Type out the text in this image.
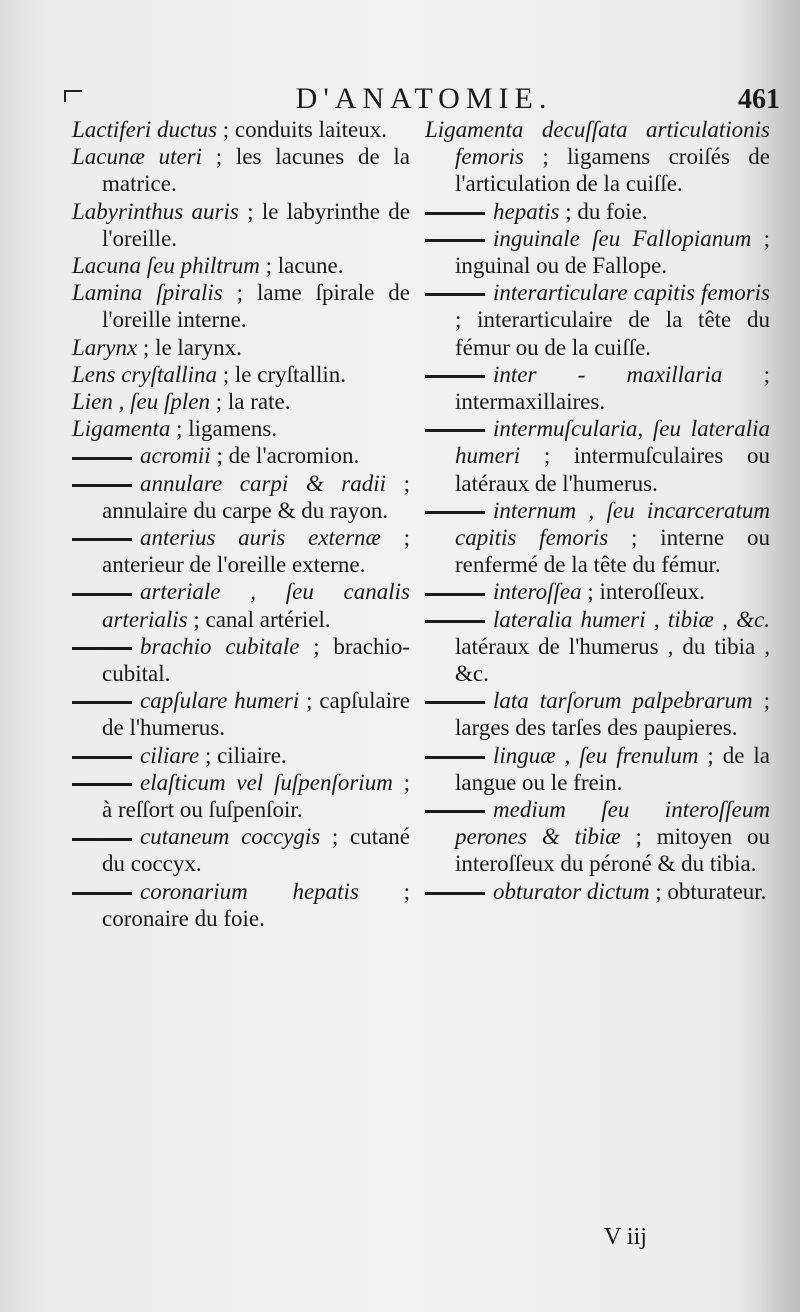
D'ANATOMIE.	461

Lactiferi ductus ; conduits laiteux.

Lacunæ uteri ; les lacunes de la matrice.

Labyrinthus auris ; le labyrinthe de l'oreille.

Lacuna ſeu philtrum ; lacune.

Lamina ſpiralis ; lame ſpirale de l'oreille interne.

Larynx ; le larynx.

Lens cryſtallina ; le cryſtallin.

Lien , ſeu ſplen ; la rate.

Ligamenta ; ligamens.

acromii ; de l'acromion.

annulare carpi & radii ; annulaire du carpe & du rayon.

anterius auris externæ ; anterieur de l'oreille externe.

arteriale , ſeu canalis arterialis ; canal artériel.

brachio cubitale ; brachio-cubital.

capſulare humeri ; capſulaire de l'humerus.

ciliare ; ciliaire.

elaſticum vel ſuſpenſorium ; à reſſort ou ſuſpenſoir.

cutaneum coccygis ; cutané du coccyx.

coronarium hepatis ; coronaire du foie.

Ligamenta decuſſata articulationis femoris ; ligamens croiſés de l'articulation de la cuiſſe.

hepatis ; du foie.

inguinale ſeu Fallopianum ; inguinal ou de Fallope.

interarticulare capitis femoris ; interarticulaire de la tête du fémur ou de la cuiſſe.

inter - maxillaria ; intermaxillaires.

intermuſcularia, ſeu lateralia humeri ; intermuſculaires ou latéraux de l'humerus.

internum , ſeu incarceratum capitis femoris ; interne ou renfermé de la tête du fémur.

interoſſea ; interoſſeux.

lateralia humeri , tibiæ , &c. latéraux de l'humerus , du tibia , &c.

lata tarſorum palpebrarum ; larges des tarſes des paupieres.

linguæ , ſeu frenulum ; de la langue ou le frein.

medium ſeu interoſſeum perones & tibiæ ; mitoyen ou interoſſeux du péroné & du tibia.

obturator dictum ; obturateur.

V iij
